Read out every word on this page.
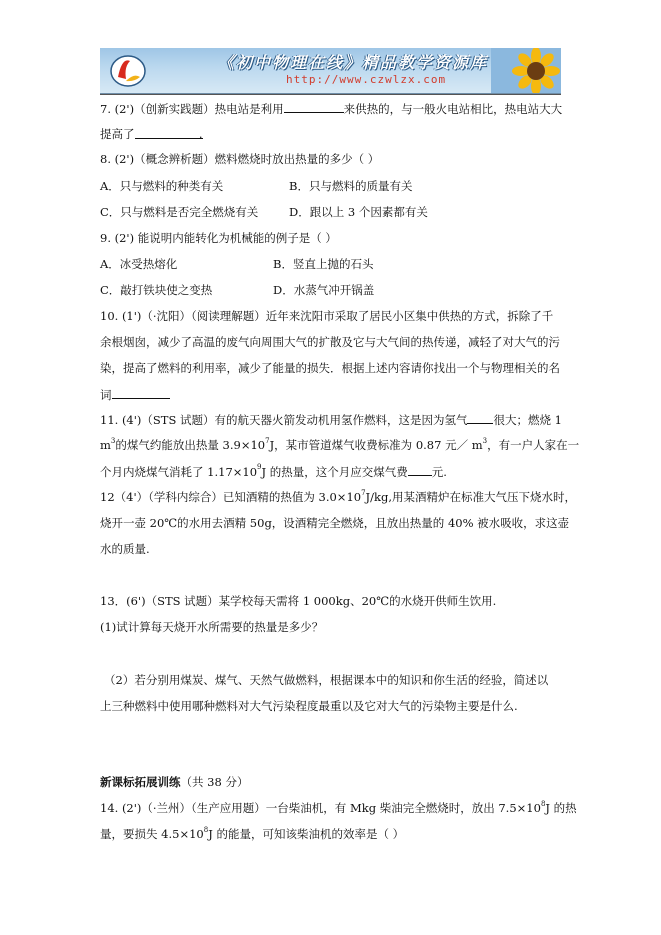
《初中物理在线》精品教学资源库
http://www.czwlzx.com
7. (2')（创新实践题）热电站是利用	来供热的，与一般火电站相比，热电站大大
提高了	.
8. (2')（概念辨析题）燃料燃烧时放出热量的多少（ ）
A．只与燃料的种类有关	B．只与燃料的质量有关
C．只与燃料是否完全燃烧有关	D．跟以上 3 个因素都有关
9. (2') 能说明内能转化为机械能的例子是（ ）
A．冰受热熔化	B．竖直上抛的石头
C．敲打铁块使之变热	D．水蒸气冲开锅盖
10. (1')（·沈阳）（阅读理解题）近年来沈阳市采取了居民小区集中供热的方式，拆除了千
余根烟囱，减少了高温的废气向周围大气的扩散及它与大气间的热传递，减轻了对大气的污
染，提高了燃料的利用率，减少了能量的损失．根据上述内容请你找出一个与物理相关的名
词
11. (4')（STS 试题）有的航天器火箭发动机用氢作燃料，这是因为氢气 很大；燃烧 1
$m^3$的煤气约能放出热量 $3.9\times 10^7J$，某市管道煤气收费标准为 0.87 元／ $m^3$，有一户人家在一
个月内烧煤气消耗了 $1.17\times 10^9J$ 的热量，这个月应交煤气费 元.
12（4'）（学科内综合）已知酒精的热值为 $3.0\times 10^7J/kg$,用某酒精炉在标准大气压下烧水时，
烧开一壶 20℃的水用去酒精 50g，设酒精完全燃烧，且放出热量的 40% 被水吸收，求这壶
水的质量.
13．(6')（STS 试题）某学校每天需将 1 000kg、20℃的水烧开供师生饮用.
(1)试计算每天烧开水所需要的热量是多少？
（2）若分别用煤炭、煤气、天然气做燃料，根据课本中的知识和你生活的经验，简述以
上三种燃料中使用哪种燃料对大气污染程度最重以及它对大气的污染物主要是什么.
新课标拓展训练（共 38 分）
14. (2')（·兰州）（生产应用题）一台柴油机，有 Mkg 柴油完全燃烧时，放出 $7.5\times 10^8J$ 的热
量，要损失 $4.5\times 10^8J$ 的能量，可知该柴油机的效率是（ ）
